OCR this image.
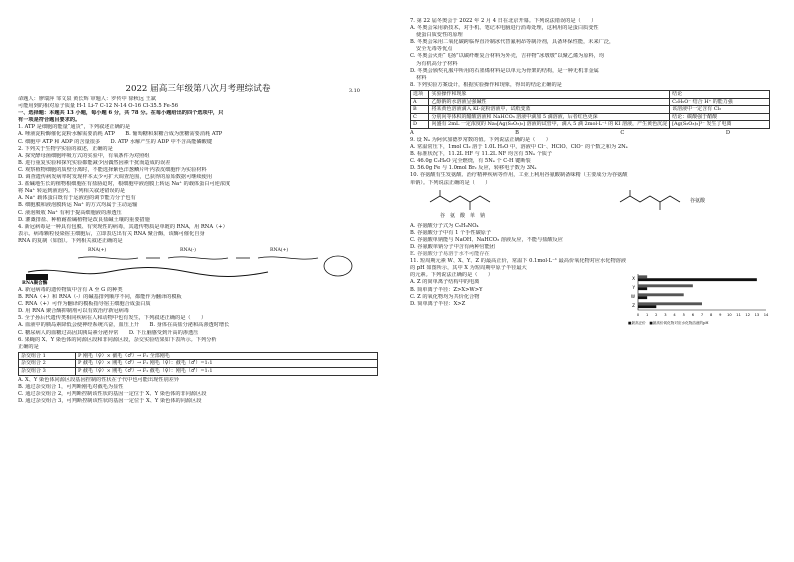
2022 届高三年级第八次月考理综试卷	3.10
命题人：廖瑞萍 邹文泉 黄长辉 审题人：罗传中 徐秋远 王斌
可能用到的相对原子质量 H-1 Li-7 C-12 N-14 O-16 Cl-35.5 Fe-56
一、选择题：本题共 13 小题，每小题 6 分，共 78 分。在每小题给出的四个选项中，只
有一项是符合题目要求的。
1. ATP 是细胞的能量“通货”，下列叙述正确的是
A. 唾液淀粉酶催化淀粉水解需要消耗 ATP　　B. 葡萄糖和果糖合成为蔗糖需要消耗 ATP
C. 细胞中 ATP 和 ADP 的含量很多　　D. ATP 水解产生的 ADP 中不含高能磷酸键
2. 下列关于生物学实验的叙述，正确的是
A. 探究酵母菌细胞呼吸方式的实验中，有氧条件为对照组
B. 进行重复实验和探究实验都能减少因偶然因素干扰而造成的误差
C. 观察植物细胞的质壁分离时，不能选择紫色洋葱鳞片叶内表皮细胞作为实验材料
D. 调查遗传病发病率时发现样本太少可扩大调查范围，已获得的原始数据可继续使用
3. 盐碱地生长的植物根细胞在有盐胁迫时，根细胞中液泡膜上转运 Na⁺ 的载体蛋白可逆浓度
将 Na⁺ 转运到液泡内。下列相关叙述错误的是
A. Na⁺ 载体蛋白既有于运液泡的调节能力分子也有
B. 细胞膜和液泡膜转运 Na⁺ 的方式均属于主动运输
C. 液泡吸收 Na⁺ 有利于提高细胞液的渗透压
D. 灌溉排盐、种植耐盐碱植物是改良盐碱土壤的重要措施
4. 新冠病毒是一种具有包膜、有突现性的病毒，其遗传物质是单链的 RNA，用 RNA（+）
表示。病毒颗粒侵染宿主细胞后，立即表达出有关 RNA 聚合酶，该酶可催化自身
RNA 的复制（如图）。下列相关叙述正确的是
RNA(+)	RNA(-)	RNA(+)
RNA聚合酶
A. 新冠病毒的遗传物质中含有 A 至 G 的种类
B. RNA（+）和 RNA（-）的碱基排列顺序不同，都能作为翻译的模板
C. RNA（+）可作为翻译的模板指导宿主细胞合成蛋白质
D. 用 RNA 聚合酶抑制剂可以有效治疗新冠病毒
5. 全子孙后代遗传类相同疾病在人和动物中也有发生，下列叙述正确的是（　　）
A. 血液中的胰岛素降低会使神经系统兴奋，血压上升　　B. 身体在高盐分泌和高渗透时增长
C. 糖尿病人的血糖过高因其胰岛素分泌异常　　D. 下丘脑感受到升高的渗透压
6. 果蝇的 X、Y 染色体的同源区段和非同源区段，杂交实验结果如下表所示。下列分析
正确的是
杂交组合 1	P 刚毛（♀）× 截毛（♂）→ F₁ 全部刚毛
杂交组合 2	P 截毛（♀）× 刚毛（♂）→ F₁ 刚毛（♀）：截毛（♂）=1:1
杂交组合 3	P 截毛（♀）× 刚毛（♂）→ F₁ 截毛（♀）：刚毛（♂）=1:1
A. X、Y 染色体同源区段基因控制的性状在子代中也可能出现性别差异
B. 通过杂交组合 1，可判断刚毛对截毛为显性
C. 通过杂交组合 2，可判断控制该性状的基因一定位于 X、Y 染色体的非同源区段
D. 通过杂交组合 3，可判断控制该性状的基因一定位于 X、Y 染色体的同源区段
7. 第 22 届冬奥会于 2022 年 2 月 4 日在北京开幕。下列说法错误的是（　　）
A. 冬奥会采用新技术，对手机、笔记本电脑进行消毒处理，这利用的是蛋白质变性
使蛋白质变性的原理
B. 冬奥会采用二氧化碳跨临界直冷制冰代替氟利昂等制冷剂，具备环保性能，未来广泛，
安全无毒等优点
C. 冬奥会火炬“飞扬”以碳纤维复合材料为外壳，吉祥物“冰墩墩”以聚乙烯为原料，均
为有机高分子材料
D. 冬奥会颁奖礼服中所用的石墨烯材料是以单元为骨架的结构，是一种无机非金属
材料
8. 下列实验方案设计，根据实验操作和现象，得出的结论正确的是
选项	实验操作和现象	结论
A	乙醇钠的水溶液呈强碱性	C₂H₅O⁻ 结合 H⁺ 的能力强
B	将某黄色溶液滴入 KI-淀粉溶液中，试纸变蓝	该溶液中一定含有 Cl₂
C	分别向等体积的醋酸溶液和 NaHCO₃ 溶液中滴加 5 滴溶液，后者红色更深	结论：碳酸强于醋酸
D	向盛有 2mL 一定浓度的 Na₃[Ag(S₂O₃)₂] 溶液的试管中，滴入 5 滴 2mol·L⁻¹ 的 KI 溶液，产生黄色沉淀	[Ag(S₂O₃)₂]³⁻ 发生了电离
A	B	C	D
9. 设 Nₐ 为阿伏加德罗常数的值。下列说法正确的是（　　）
A. 常温常压下，1mol Cl₂ 溶于 1.0L H₂O 中，溶液中 Cl⁻、HClO、ClO⁻ 的个数之和为 2Nₐ
B. 标准状况下，11.2L HF 与 11.2L NF 均含有 5Nₐ 个质子
C. 46.0g C₂H₆O 完全燃烧，有 5Nₐ 个 C-H 键断裂
D. 56.0g Fe 与 1.0mol Br₂ 反应，转移电子数为 3Nₐ
10. 谷氨酸有生发氨酸、治疗精神疾病等作用，工业上利用谷氨酸制备味精（主要成分为谷氨酸
单钠）。下列说法正确的是（　　）
谷　氨　酸　单　钠
谷氨酸
A. 谷氨酸分子式为 C₅H₉NO₄
B. 谷氨酸分子中有 1 个手性碳原子
C. 谷氨酸单钠能与 NaOH、NaHCO₃ 溶液反应，不能与盐酸反应
D. 谷氨酸单钠分子中含有两种官能团
E. 谷氨酸分子易溶于水不可能存在
11. 短周期元素 W、X、Y、Z 的最高正价，常温下 0.1mol·L⁻¹ 最高价氧化物对应水化物溶液
的 pH 如图所示，其中 X 为短周期中原子半径最大
的元素。下列说法正确的是（　　）
A. Z 的简单离子结构中的电离
B. 简单离子半径：Z>X>W>Y
C. Z 的氧化物均为共价化合物
D. 简单离子半径：X>Z
0 1 2 3 4 5 6 7 8 9 10 11 12 13 14
X
Y
W
Z
■最高正价　■最高价氧化物对应水化物溶液的pH
